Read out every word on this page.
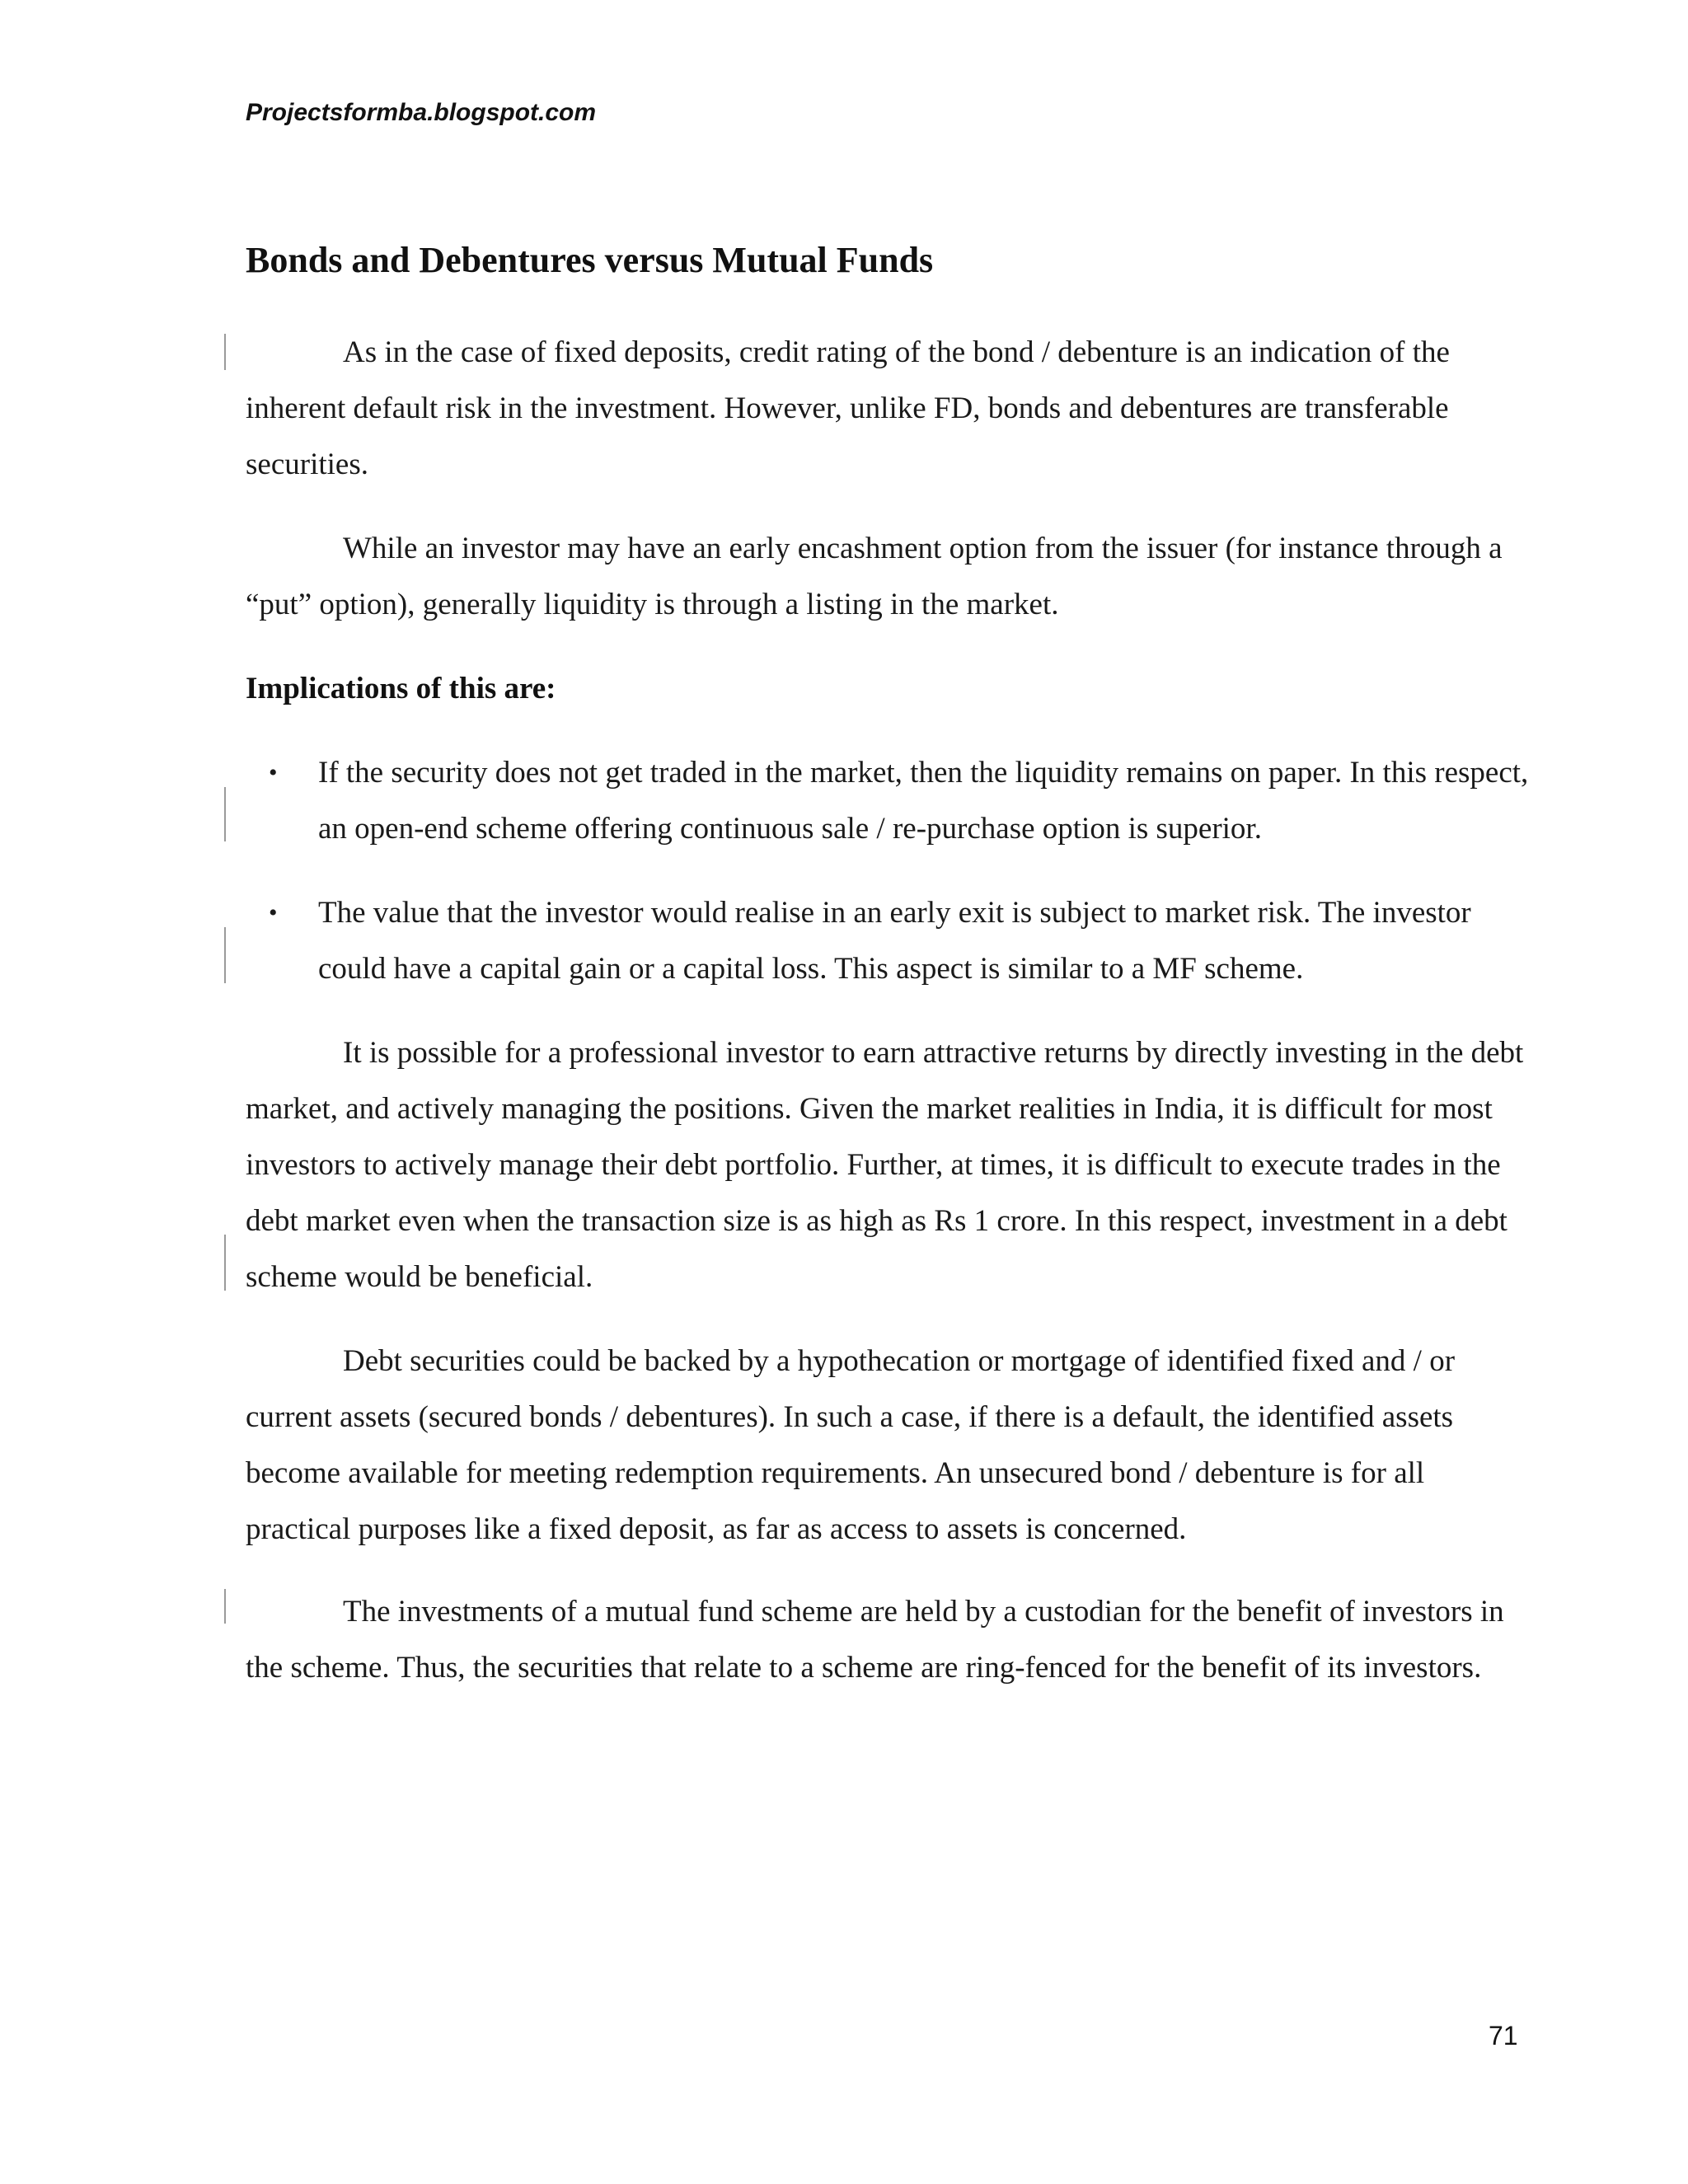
Projectsformba.blogspot.com
Bonds and Debentures versus Mutual Funds

As in the case of fixed deposits, credit rating of the bond / debenture is an indication of the inherent default risk in the investment. However, unlike FD, bonds and debentures are transferable securities.

While an investor may have an early encashment option from the issuer (for instance through a “put” option), generally liquidity is through a listing in the market.

Implications of this are:
• If the security does not get traded in the market, then the liquidity remains on paper. In this respect, an open-end scheme offering continuous sale / re-purchase option is superior.
• The value that the investor would realise in an early exit is subject to market risk. The investor could have a capital gain or a capital loss. This aspect is similar to a MF scheme.

It is possible for a professional investor to earn attractive returns by directly investing in the debt market, and actively managing the positions. Given the market realities in India, it is difficult for most investors to actively manage their debt portfolio. Further, at times, it is difficult to execute trades in the debt market even when the transaction size is as high as Rs 1 crore. In this respect, investment in a debt scheme would be beneficial.

Debt securities could be backed by a hypothecation or mortgage of identified fixed and / or current assets (secured bonds / debentures). In such a case, if there is a default, the identified assets become available for meeting redemption requirements. An unsecured bond / debenture is for all practical purposes like a fixed deposit, as far as access to assets is concerned.

The investments of a mutual fund scheme are held by a custodian for the benefit of investors in the scheme. Thus, the securities that relate to a scheme are ring-fenced for the benefit of its investors.

71
